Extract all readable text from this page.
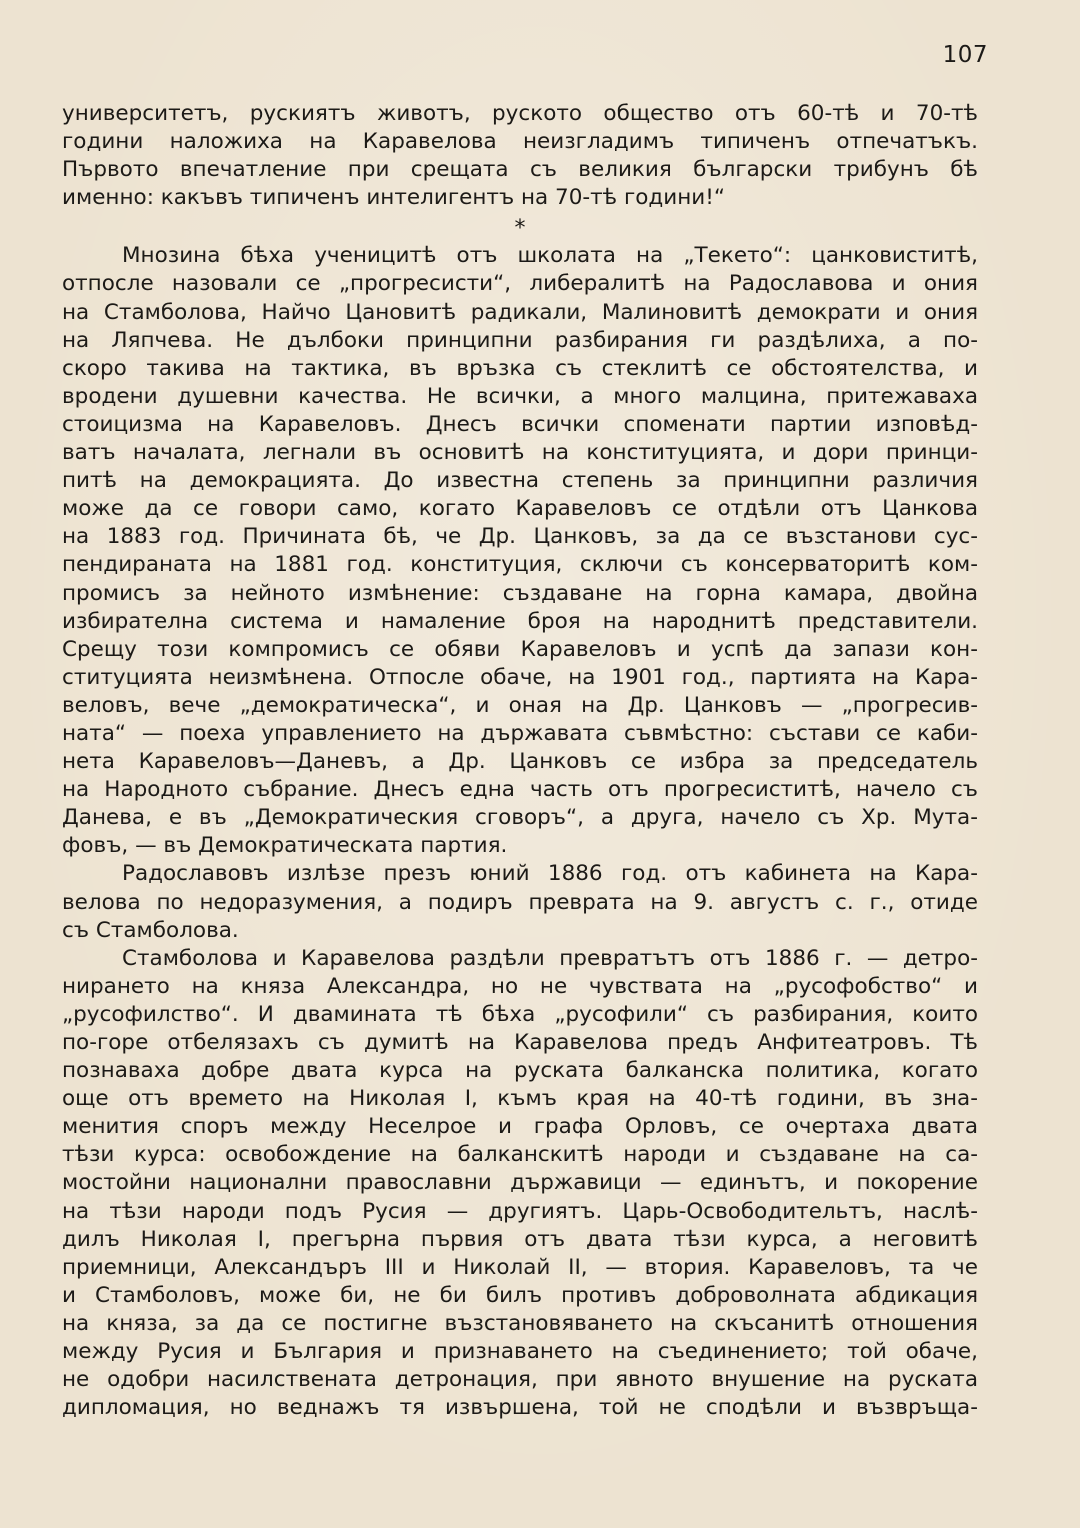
107
университетъ, рускиятъ животъ, руското общество отъ 60-тѣ и 70-тѣ
години наложиха на Каравелова неизгладимъ типиченъ отпечатъкъ.
Първото впечатление при срещата съ великия български трибунъ бѣ
именно: какъвъ типиченъ интелигентъ на 70-тѣ години!“
*
Мнозина бѣха ученицитѣ отъ школата на „Текето“: цанковиститѣ,
отпосле назовали се „прогресисти“, либералитѣ на Радославова и ония
на Стамболова, Найчо Цановитѣ радикали, Малиновитѣ демократи и ония
на Ляпчева. Не дълбоки принципни разбирания ги раздѣлиха, а по-
скоро такива на тактика, въ връзка съ стеклитѣ се обстоятелства, и
вродени душевни качества. Не всички, а много малцина, притежаваха
стоицизма на Каравеловъ. Днесъ всички споменати партии изповѣд-
ватъ началата, легнали въ основитѣ на конституцията, и дори принци-
питѣ на демокрацията. До известна степень за принципни различия
може да се говори само, когато Каравеловъ се отдѣли отъ Цанкова
на 1883 год. Причината бѣ, че Др. Цанковъ, за да се възстанови сус-
пендираната на 1881 год. конституция, сключи съ консерваторитѣ ком-
промисъ за нейното измѣнение: създаване на горна камара, двойна
избирателна система и намаление броя на народнитѣ представители.
Срещу този компромисъ се обяви Каравеловъ и успѣ да запази кон-
ституцията неизмѣнена. Отпосле обаче, на 1901 год., партията на Кара-
веловъ, вече „демократическа“, и оная на Др. Цанковъ — „прогресив-
ната“ — поеха управлението на държавата съвмѣстно: състави се каби-
нета Каравеловъ—Даневъ, а Др. Цанковъ се избра за председатель
на Народното събрание. Днесъ една часть отъ прогресиститѣ, начело съ
Данева, е въ „Демократическия сговоръ“, а друга, начело съ Хр. Мута-
фовъ, — въ Демократическата партия.
Радославовъ излѣзе презъ юний 1886 год. отъ кабинета на Кара-
велова по недоразумения, а подиръ преврата на 9. августъ с. г., отиде
съ Стамболова.
Стамболова и Каравелова раздѣли превратътъ отъ 1886 г. — детро-
нирането на княза Александра, но не чувствата на „русофобство“ и
„русофилство“. И двамината тѣ бѣха „русофили“ съ разбирания, които
по-горе отбелязахъ съ думитѣ на Каравелова предъ Анфитеатровъ. Тѣ
познаваха добре двата курса на руската балканска политика, когато
още отъ времето на Николая I, къмъ края на 40-тѣ години, въ зна-
менития споръ между Неселрое и графа Орловъ, се очертаха двата
тѣзи курса: освобождение на балканскитѣ народи и създаване на са-
мостойни национални православни държавици — единътъ, и покорение
на тѣзи народи подъ Русия — другиятъ. Царь-Освободительтъ, наслѣ-
дилъ Николая I, прегърна първия отъ двата тѣзи курса, а неговитѣ
приемници, Александъръ III и Николай II, — втория. Каравеловъ, та че
и Стамболовъ, може би, не би билъ противъ доброволната абдикация
на княза, за да се постигне възстановяването на скъсанитѣ отношения
между Русия и България и признаването на съединението; той обаче,
не одобри насилствената детронация, при явното внушение на руската
дипломация, но веднажъ тя извършена, той не сподѣли и възвръща-
